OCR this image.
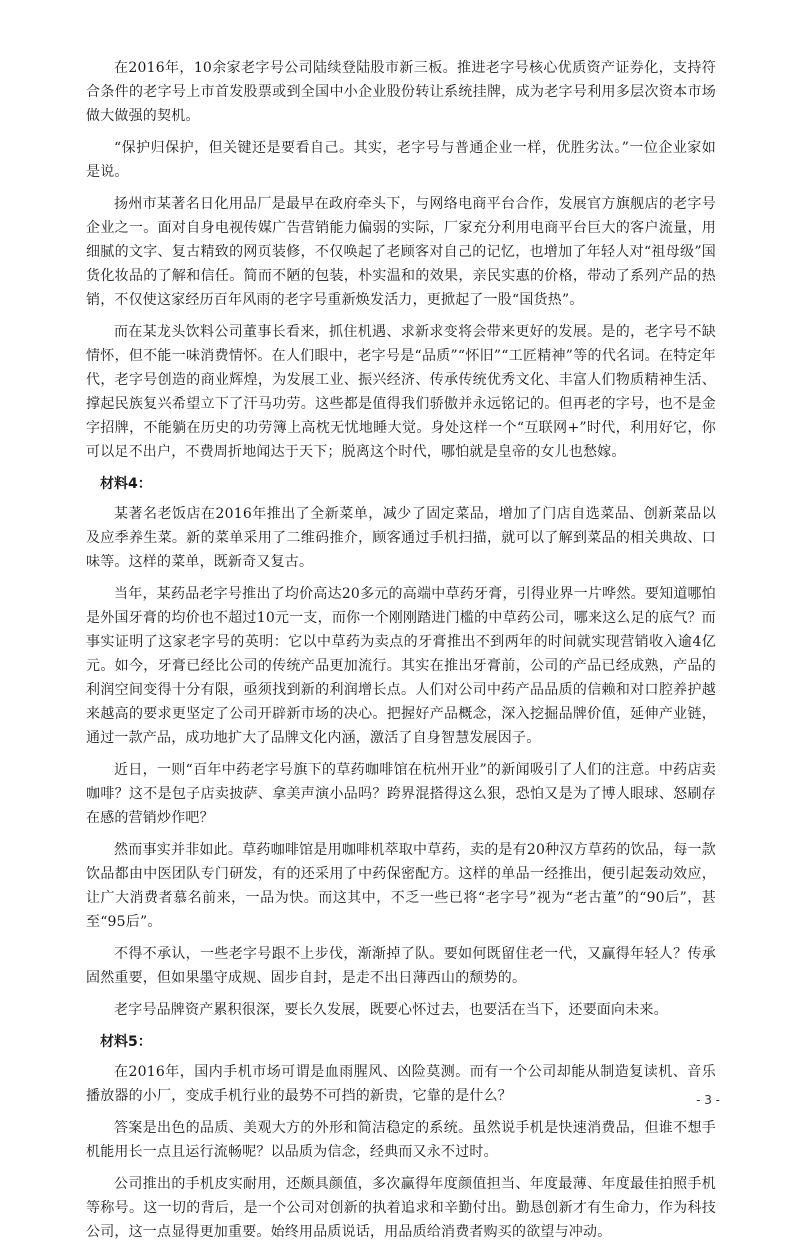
在2016年，10余家老字号公司陆续登陆股市新三板。推进老字号核心优质资产证券化，支持符合条件的老字号上市首发股票或到全国中小企业股份转让系统挂牌，成为老字号利用多层次资本市场做大做强的契机。

“保护归保护，但关键还是要看自己。其实，老字号与普通企业一样，优胜劣汰。”一位企业家如是说。

扬州市某著名日化用品厂是最早在政府牵头下，与网络电商平台合作，发展官方旗舰店的老字号企业之一。面对自身电视传媒广告营销能力偏弱的实际，厂家充分利用电商平台巨大的客户流量，用细腻的文字、复古精致的网页装修，不仅唤起了老顾客对自己的记忆，也增加了年轻人对“祖母级”国货化妆品的了解和信任。简而不陋的包装，朴实温和的效果，亲民实惠的价格，带动了系列产品的热销，不仅使这家经历百年风雨的老字号重新焕发活力，更掀起了一股“国货热”。

而在某龙头饮料公司董事长看来，抓住机遇、求新求变将会带来更好的发展。是的，老字号不缺情怀，但不能一味消费情怀。在人们眼中，老字号是“品质”“怀旧”“工匠精神”等的代名词。在特定年代，老字号创造的商业辉煌，为发展工业、振兴经济、传承传统优秀文化、丰富人们物质精神生活、撑起民族复兴希望立下了汗马功劳。这些都是值得我们骄傲并永远铭记的。但再老的字号，也不是金字招牌，不能躺在历史的功劳簿上高枕无忧地睡大觉。身处这样一个“互联网+”时代，利用好它，你可以足不出户，不费周折地闻达于天下；脱离这个时代，哪怕就是皇帝的女儿也愁嫁。

材料4：

某著名老饭店在2016年推出了全新菜单，减少了固定菜品，增加了门店自选菜品、创新菜品以及应季养生菜。新的菜单采用了二维码推介，顾客通过手机扫描，就可以了解到菜品的相关典故、口味等。这样的菜单，既新奇又复古。

当年，某药品老字号推出了均价高达20多元的高端中草药牙膏，引得业界一片哗然。要知道哪怕是外国牙膏的均价也不超过10元一支，而你一个刚刚踏进门槛的中草药公司，哪来这么足的底气？而事实证明了这家老字号的英明：它以中草药为卖点的牙膏推出不到两年的时间就实现营销收入逾4亿元。如今，牙膏已经比公司的传统产品更加流行。其实在推出牙膏前，公司的产品已经成熟，产品的利润空间变得十分有限，亟须找到新的利润增长点。人们对公司中药产品品质的信赖和对口腔养护越来越高的要求更坚定了公司开辟新市场的决心。把握好产品概念，深入挖掘品牌价值，延伸产业链，通过一款产品，成功地扩大了品牌文化内涵，激活了自身智慧发展因子。

近日，一则“百年中药老字号旗下的草药咖啡馆在杭州开业”的新闻吸引了人们的注意。中药店卖咖啡？这不是包子店卖披萨、拿美声演小品吗？跨界混搭得这么狠，恐怕又是为了博人眼球、怒刷存在感的营销炒作吧？

然而事实并非如此。草药咖啡馆是用咖啡机萃取中草药，卖的是有20种汉方草药的饮品，每一款饮品都由中医团队专门研发，有的还采用了中药保密配方。这样的单品一经推出，便引起轰动效应，让广大消费者慕名前来，一品为快。而这其中，不乏一些已将“老字号”视为“老古董”的“90后”，甚至“95后”。

不得不承认，一些老字号跟不上步伐，渐渐掉了队。要如何既留住老一代，又赢得年轻人？传承固然重要，但如果墨守成规、固步自封，是走不出日薄西山的颓势的。

老字号品牌资产累积很深，要长久发展，既要心怀过去，也要活在当下，还要面向未来。

材料5：

在2016年，国内手机市场可谓是血雨腥风、凶险莫测。而有一个公司却能从制造复读机、音乐播放器的小厂，变成手机行业的最势不可挡的新贵，它靠的是什么？

答案是出色的品质、美观大方的外形和简洁稳定的系统。虽然说手机是快速消费品，但谁不想手机能用长一点且运行流畅呢？以品质为信念，经典而又永不过时。

公司推出的手机皮实耐用，还颇具颜值，多次赢得年度颜值担当、年度最薄、年度最佳拍照手机等称号。这一切的背后，是一个公司对创新的执着追求和辛勤付出。勤恳创新才有生命力，作为科技公司，这一点显得更加重要。始终用品质说话，用品质给消费者购买的欲望与冲动。

- 3 -
